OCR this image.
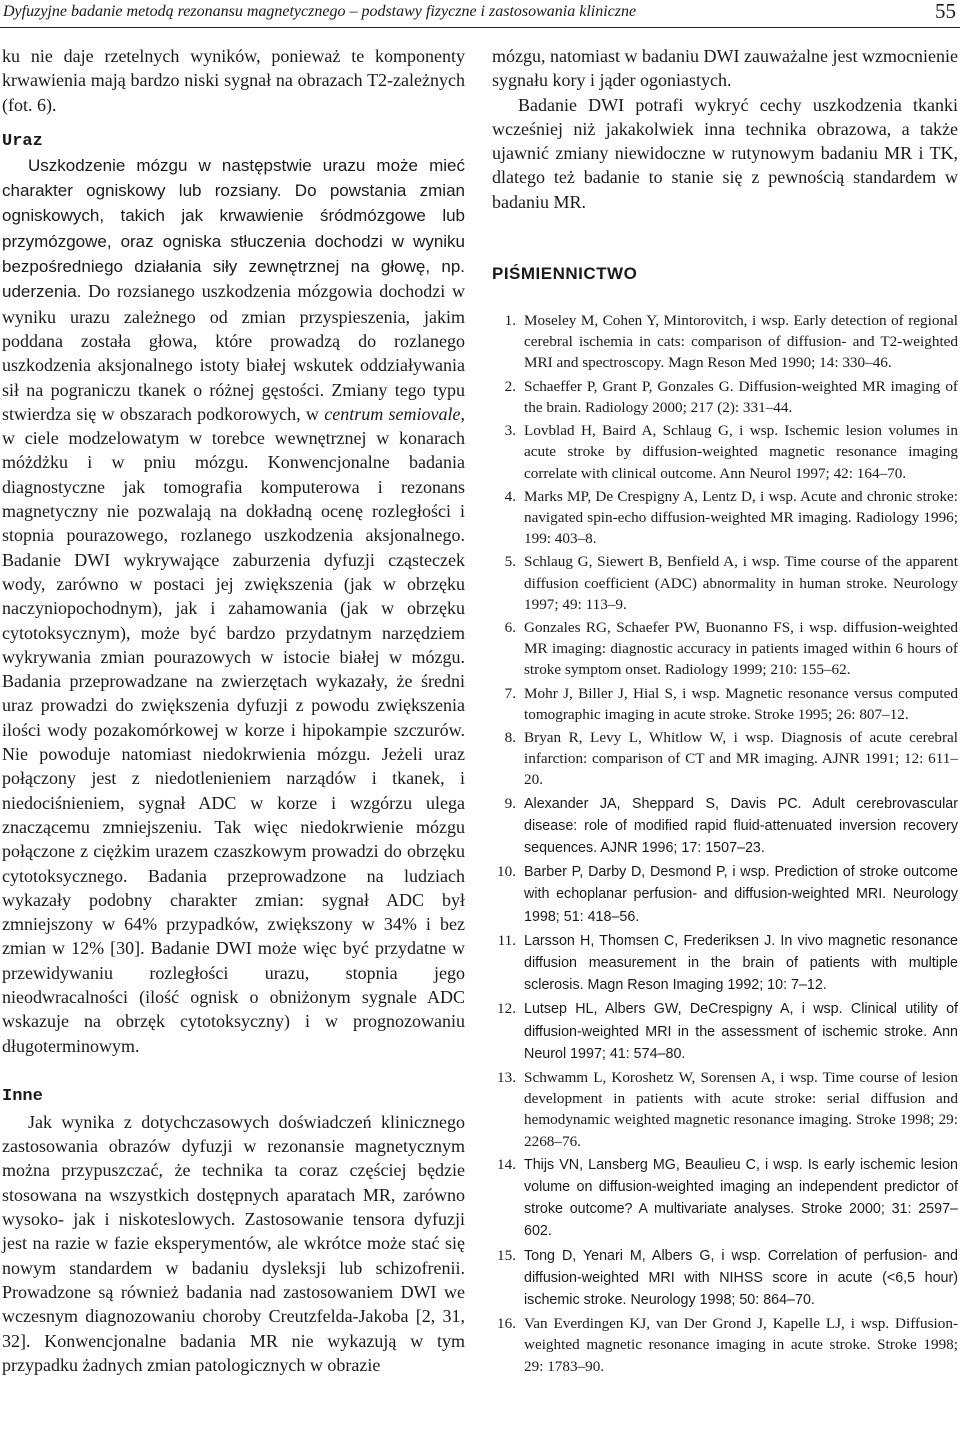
Dyfuzyjne badanie metodą rezonansu magnetycznego – podstawy fizyczne i zastosowania kliniczne	55

ku nie daje rzetelnych wyników, ponieważ te komponenty krwawienia mają bardzo niski sygnał na obrazach T2-zależnych (fot. 6).

Uraz

Uszkodzenie mózgu w następstwie urazu może mieć charakter ogniskowy lub rozsiany. Do powstania zmian ogniskowych, takich jak krwawienie śródmózgowe lub przymózgowe, oraz ogniska stłuczenia dochodzi w wyniku bezpośredniego działania siły zewnętrznej na głowę, np. uderzenia. Do rozsianego uszkodzenia mózgowia dochodzi w wyniku urazu zależnego od zmian przyspieszenia, jakim poddana została głowa, które prowadzą do rozlanego uszkodzenia aksjonalnego istoty białej wskutek oddziaływania sił na pograniczu tkanek o różnej gęstości. Zmiany tego typu stwierdza się w obszarach podkorowych, w centrum semiovale, w ciele modzelowatym w torebce wewnętrznej w konarach móżdżku i w pniu mózgu. Konwencjonalne badania diagnostyczne jak tomografia komputerowa i rezonans magnetyczny nie pozwalają na dokładną ocenę rozległości i stopnia pourazowego, rozlanego uszkodzenia aksjonalnego. Badanie DWI wykrywające zaburzenia dyfuzji cząsteczek wody, zarówno w postaci jej zwiększenia (jak w obrzęku naczyniopochodnym), jak i zahamowania (jak w obrzęku cytotoksycznym), może być bardzo przydatnym narzędziem wykrywania zmian pourazowych w istocie białej w mózgu. Badania przeprowadzane na zwierzętach wykazały, że średni uraz prowadzi do zwiększenia dyfuzji z powodu zwiększenia ilości wody pozakomórkowej w korze i hipokampie szczurów. Nie powoduje natomiast niedokrwienia mózgu. Jeżeli uraz połączony jest z niedotlenieniem narządów i tkanek, i niedociśnieniem, sygnał ADC w korze i wzgórzu ulega znaczącemu zmniejszeniu. Tak więc niedokrwienie mózgu połączone z ciężkim urazem czaszkowym prowadzi do obrzęku cytotoksycznego. Badania przeprowadzone na ludziach wykazały podobny charakter zmian: sygnał ADC był zmniejszony w 64% przypadków, zwiększony w 34% i bez zmian w 12% [30]. Badanie DWI może więc być przydatne w przewidywaniu rozległości urazu, stopnia jego nieodwracalności (ilość ognisk o obniżonym sygnale ADC wskazuje na obrzęk cytotoksyczny) i w prognozowaniu długoterminowym.

Inne

Jak wynika z dotychczasowych doświadczeń klinicznego zastosowania obrazów dyfuzji w rezonansie magnetycznym można przypuszczać, że technika ta coraz częściej będzie stosowana na wszystkich dostępnych aparatach MR, zarówno wysoko- jak i niskoteslowych. Zastosowanie tensora dyfuzji jest na razie w fazie eksperymentów, ale wkrótce może stać się nowym standardem w badaniu dysleksji lub schizofrenii. Prowadzone są również badania nad zastosowaniem DWI we wczesnym diagnozowaniu choroby Creutzfelda-Jakoba [2, 31, 32]. Konwencjonalne badania MR nie wykazują w tym przypadku żadnych zmian patologicznych w obrazie

mózgu, natomiast w badaniu DWI zauważalne jest wzmocnienie sygnału kory i jąder ogoniastych.

Badanie DWI potrafi wykryć cechy uszkodzenia tkanki wcześniej niż jakakolwiek inna technika obrazowa, a także ujawnić zmiany niewidoczne w rutynowym badaniu MR i TK, dlatego też badanie to stanie się z pewnością standardem w badaniu MR.

PIŚMIENNICTWO
1. Moseley M, Cohen Y, Mintorovitch, i wsp. Early detection of regional cerebral ischemia in cats: comparison of diffusion- and T2-weighted MRI and spectroscopy. Magn Reson Med 1990; 14: 330–46.
2. Schaeffer P, Grant P, Gonzales G. Diffusion-weighted MR imaging of the brain. Radiology 2000; 217 (2): 331–44.
3. Lovblad H, Baird A, Schlaug G, i wsp. Ischemic lesion volumes in acute stroke by diffusion-weighted magnetic resonance imaging correlate with clinical outcome. Ann Neurol 1997; 42: 164–70.
4. Marks MP, De Crespigny A, Lentz D, i wsp. Acute and chronic stroke: navigated spin-echo diffusion-weighted MR imaging. Radiology 1996; 199: 403–8.
5. Schlaug G, Siewert B, Benfield A, i wsp. Time course of the apparent diffusion coefficient (ADC) abnormality in human stroke. Neurology 1997; 49: 113–9.
6. Gonzales RG, Schaefer PW, Buonanno FS, i wsp. diffusion-weighted MR imaging: diagnostic accuracy in patients imaged within 6 hours of stroke symptom onset. Radiology 1999; 210: 155–62.
7. Mohr J, Biller J, Hial S, i wsp. Magnetic resonance versus computed tomographic imaging in acute stroke. Stroke 1995; 26: 807–12.
8. Bryan R, Levy L, Whitlow W, i wsp. Diagnosis of acute cerebral infarction: comparison of CT and MR imaging. AJNR 1991; 12: 611–20.
9. Alexander JA, Sheppard S, Davis PC. Adult cerebrovascular disease: role of modified rapid fluid-attenuated inversion recovery sequences. AJNR 1996; 17: 1507–23.
10. Barber P, Darby D, Desmond P, i wsp. Prediction of stroke outcome with echoplanar perfusion- and diffusion-weighted MRI. Neurology 1998; 51: 418–56.
11. Larsson H, Thomsen C, Frederiksen J. In vivo magnetic resonance diffusion measurement in the brain of patients with multiple sclerosis. Magn Reson Imaging 1992; 10: 7–12.
12. Lutsep HL, Albers GW, DeCrespigny A, i wsp. Clinical utility of diffusion-weighted MRI in the assessment of ischemic stroke. Ann Neurol 1997; 41: 574–80.
13. Schwamm L, Koroshetz W, Sorensen A, i wsp. Time course of lesion development in patients with acute stroke: serial diffusion and hemodynamic weighted magnetic resonance imaging. Stroke 1998; 29: 2268–76.
14. Thijs VN, Lansberg MG, Beaulieu C, i wsp. Is early ischemic lesion volume on diffusion-weighted imaging an independent predictor of stroke outcome? A multivariate analyses. Stroke 2000; 31: 2597–602.
15. Tong D, Yenari M, Albers G, i wsp. Correlation of perfusion- and diffusion-weighted MRI with NIHSS score in acute (<6,5 hour) ischemic stroke. Neurology 1998; 50: 864–70.
16. Van Everdingen KJ, van Der Grond J, Kapelle LJ, i wsp. Diffusion-weighted magnetic resonance imaging in acute stroke. Stroke 1998; 29: 1783–90.
